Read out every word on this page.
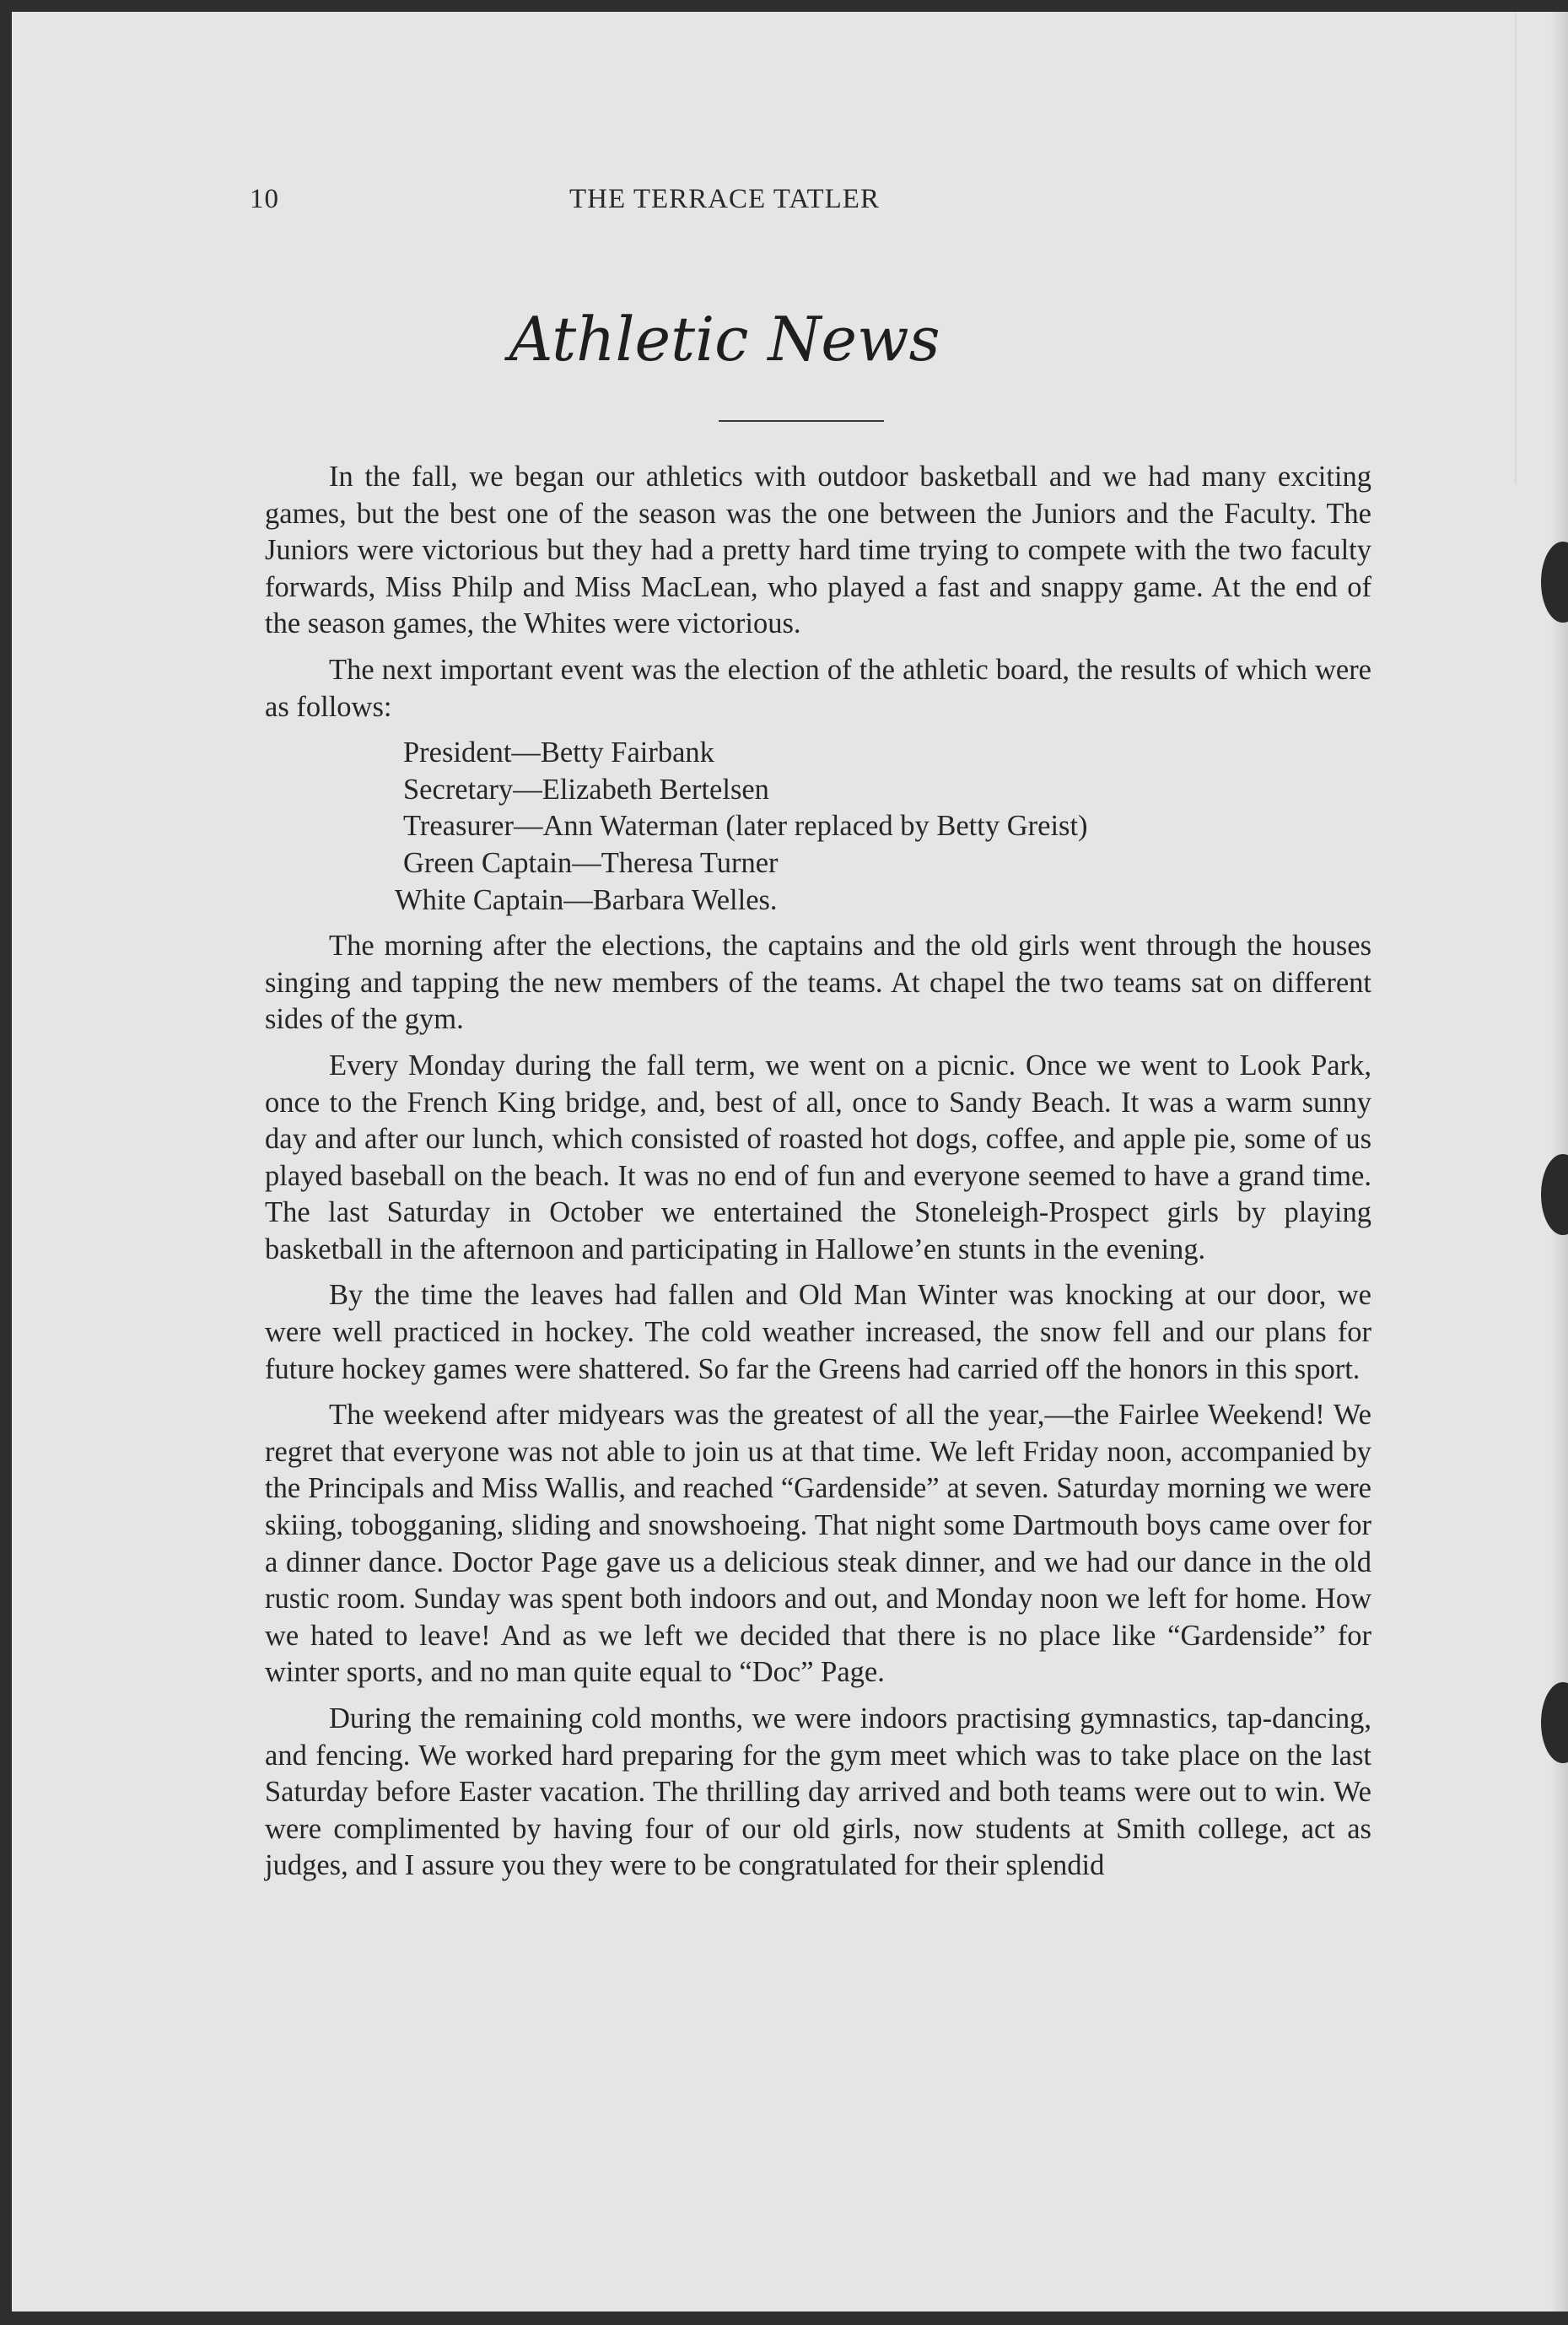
10	THE TERRACE TATLER
Athletic News

In the fall, we began our athletics with outdoor basketball and we had many exciting games, but the best one of the season was the one between the Juniors and the Faculty. The Juniors were victorious but they had a pretty hard time trying to compete with the two faculty forwards, Miss Philp and Miss MacLean, who played a fast and snappy game. At the end of the season games, the Whites were victorious.

The next important event was the election of the athletic board, the results of which were as follows:

President—Betty Fairbank
Secretary—Elizabeth Bertelsen
Treasurer—Ann Waterman (later replaced by Betty Greist)
Green Captain—Theresa Turner
White Captain—Barbara Welles.

The morning after the elections, the captains and the old girls went through the houses singing and tapping the new members of the teams. At chapel the two teams sat on different sides of the gym.

Every Monday during the fall term, we went on a picnic. Once we went to Look Park, once to the French King bridge, and, best of all, once to Sandy Beach. It was a warm sunny day and after our lunch, which consisted of roasted hot dogs, coffee, and apple pie, some of us played baseball on the beach. It was no end of fun and everyone seemed to have a grand time. The last Saturday in October we entertained the Stoneleigh-Prospect girls by playing basketball in the afternoon and participating in Hallowe’en stunts in the evening.

By the time the leaves had fallen and Old Man Winter was knocking at our door, we were well practiced in hockey. The cold weather increased, the snow fell and our plans for future hockey games were shattered. So far the Greens had carried off the honors in this sport.

The weekend after midyears was the greatest of all the year,—the Fairlee Weekend! We regret that everyone was not able to join us at that time. We left Friday noon, accompanied by the Principals and Miss Wallis, and reached “Gardenside” at seven. Saturday morning we were skiing, tobogganing, sliding and snowshoeing. That night some Dartmouth boys came over for a dinner dance. Doctor Page gave us a delicious steak dinner, and we had our dance in the old rustic room. Sunday was spent both indoors and out, and Monday noon we left for home. How we hated to leave! And as we left we decided that there is no place like “Gardenside” for winter sports, and no man quite equal to “Doc” Page.

During the remaining cold months, we were indoors practising gymnastics, tap-dancing, and fencing. We worked hard preparing for the gym meet which was to take place on the last Saturday before Easter vacation. The thrilling day arrived and both teams were out to win. We were complimented by having four of our old girls, now students at Smith college, act as judges, and I assure you they were to be congratulated for their splendid
